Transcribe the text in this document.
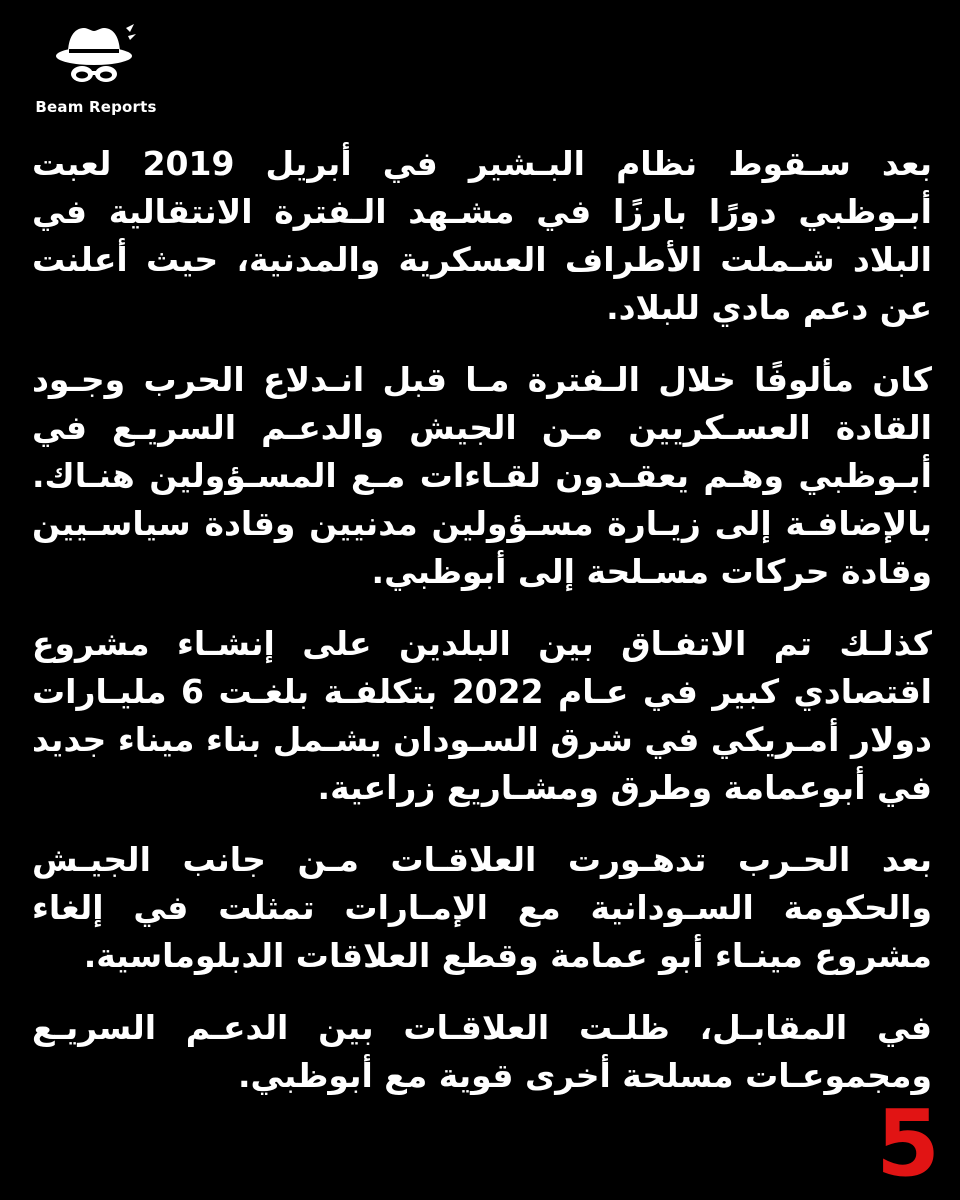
Beam Reports

بعد سـقوط نظام البـشير في أبريل 2019 لعبت أبـوظبي دورًا بارزًا في مشـهد الـفترة الانتقالية في البلاد شـملت الأطراف العسكرية والمدنية، حيث أعلنت عن دعم مادي للبلاد.

كان مألوفًا خلال الـفترة مـا قبل انـدلاع الحرب وجـود القادة العسـكريين مـن الجيش والدعـم السريـع في أبـوظبي وهـم يعقـدون لقـاءات مـع المسـؤولين هنـاك. بالإضافـة إلى زيـارة مسـؤولين مدنيين وقادة سياسـيين وقادة حركات مسـلحة إلى أبوظبي.

كذلـك تم الاتفـاق بين البلدين على إنشـاء مشروع اقتصادي كبير في عـام 2022 بتكلفـة بلغـت 6 مليـارات دولار أمـريكي في شرق السـودان يشـمل بناء ميناء جديد في أبوعمامة وطرق ومشـاريع زراعية.

بعد الحـرب تدهـورت العلاقـات مـن جانب الجيـش والحكومة السـودانية مع الإمـارات تمثلت في إلغاء مشروع مينـاء أبو عمامة وقطع العلاقات الدبلوماسية.

في المقابـل، ظلـت العلاقـات بين الدعـم السريـع ومجموعـات مسلحة أخرى قوية مع أبوظبي.

5
